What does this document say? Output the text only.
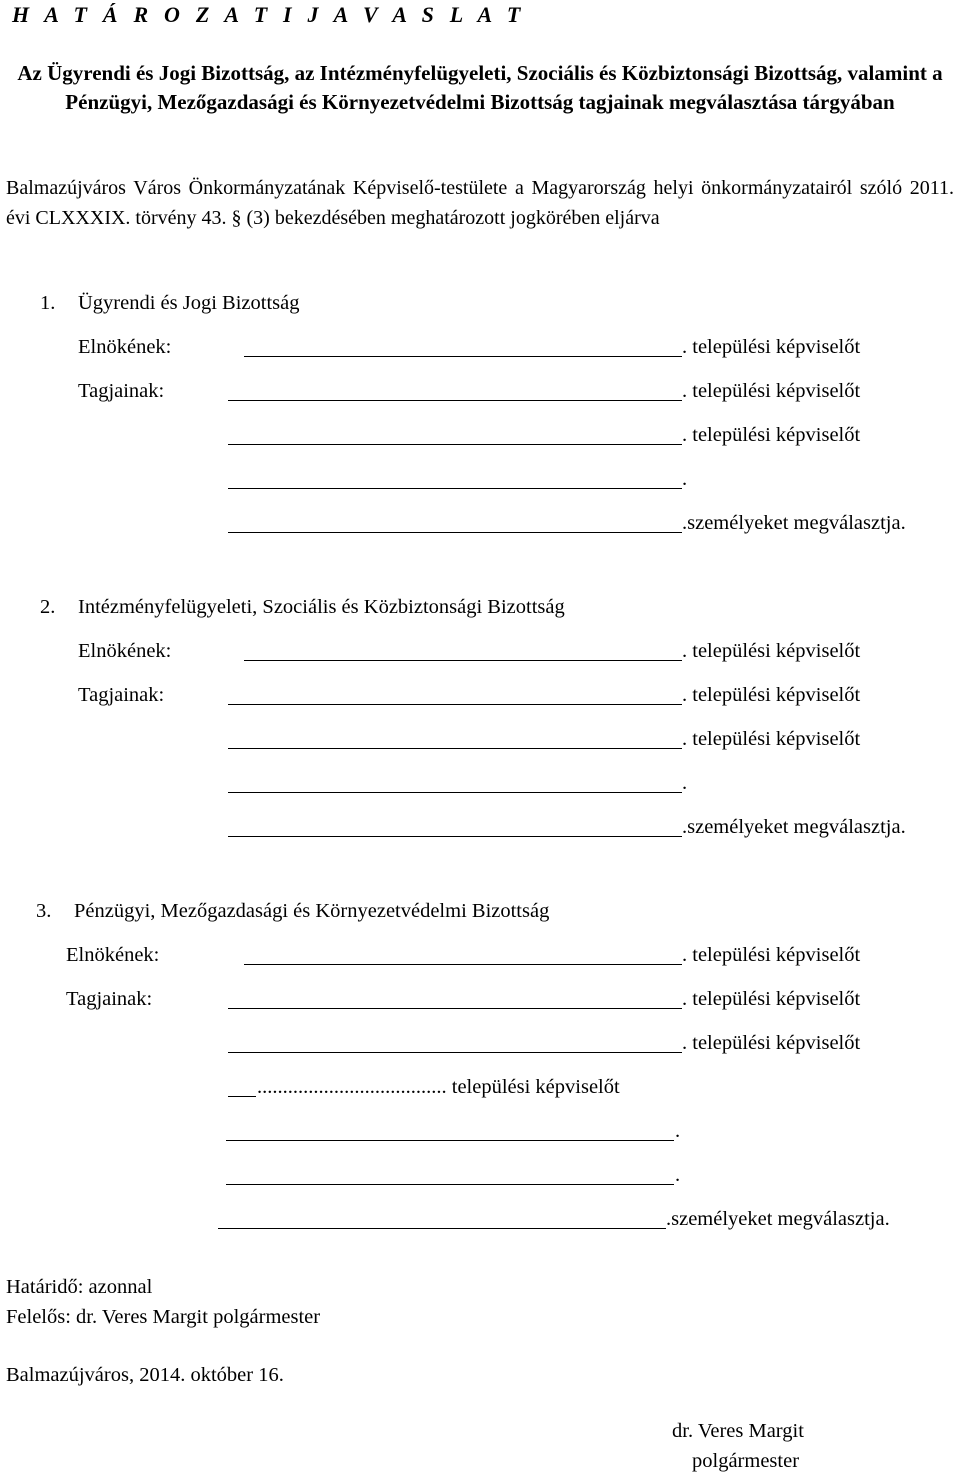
H A T Á R O Z A T I J A V A S L A T
Az Ügyrendi és Jogi Bizottság, az Intézményfelügyeleti, Szociális és Közbiztonsági Bizottság, valamint a Pénzügyi, Mezőgazdasági és Környezetvédelmi Bizottság tagjainak megválasztása tárgyában
Balmazújváros Város Önkormányzatának Képviselő-testülete a Magyarország helyi önkormányzatairól szóló 2011. évi CLXXXIX. törvény 43. § (3) bekezdésében meghatározott jogkörében eljárva
1. Ügyrendi és Jogi Bizottság
Elnökének:	. települési képviselőt
Tagjainak:	. települési képviselőt
. települési képviselőt
.
.személyeket megválasztja.
2. Intézményfelügyeleti, Szociális és Közbiztonsági Bizottság
Elnökének:	. települési képviselőt
Tagjainak:	. települési képviselőt
. települési képviselőt
.
.személyeket megválasztja.
3. Pénzügyi, Mezőgazdasági és Környezetvédelmi Bizottság
Elnökének:	. települési képviselőt
Tagjainak:	. települési képviselőt
. települési képviselőt
..................................... települési képviselőt
.
.
.személyeket megválasztja.
Határidő: azonnal
Felelős: dr. Veres Margit polgármester
Balmazújváros, 2014. október 16.
dr. Veres Margit
polgármester
